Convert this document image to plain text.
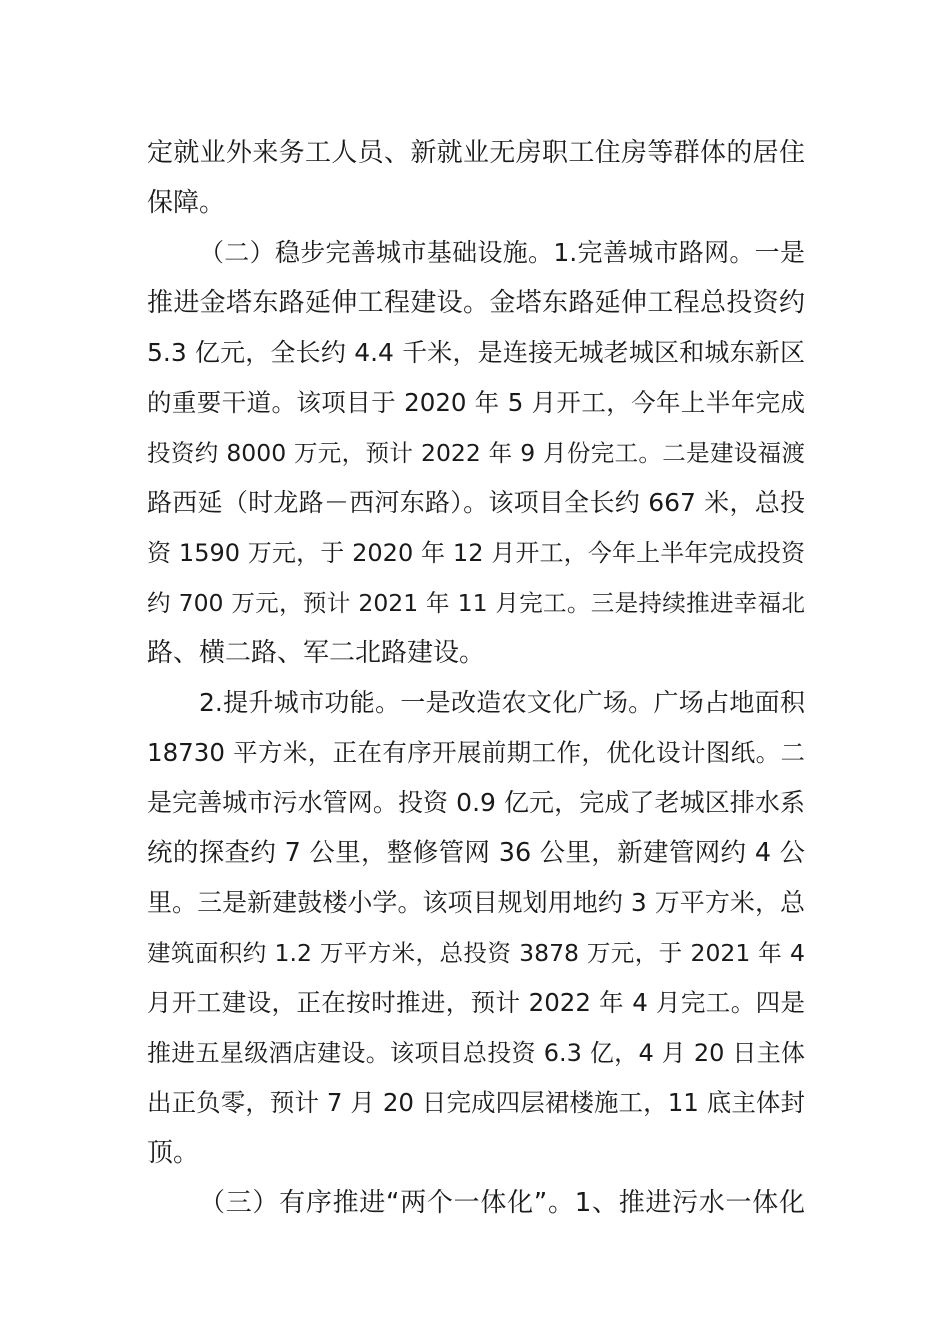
定就业外来务工人员、新就业无房职工住房等群体的居住
保障。
（二）稳步完善城市基础设施。1.完善城市路网。一是
推进金塔东路延伸工程建设。金塔东路延伸工程总投资约
5.3 亿元，全长约 4.4 千米，是连接无城老城区和城东新区
的重要干道。该项目于 2020 年 5 月开工，今年上半年完成
投资约 8000 万元，预计 2022 年 9 月份完工。二是建设福渡
路西延（时龙路－西河东路）。该项目全长约 667 米，总投
资 1590 万元，于 2020 年 12 月开工，今年上半年完成投资
约 700 万元，预计 2021 年 11 月完工。三是持续推进幸福北
路、横二路、军二北路建设。
2.提升城市功能。一是改造农文化广场。广场占地面积
18730 平方米，正在有序开展前期工作，优化设计图纸。二
是完善城市污水管网。投资 0.9 亿元，完成了老城区排水系
统的探查约 7 公里，整修管网 36 公里，新建管网约 4 公
里。三是新建鼓楼小学。该项目规划用地约 3 万平方米，总
建筑面积约 1.2 万平方米，总投资 3878 万元，于 2021 年 4
月开工建设，正在按时推进，预计 2022 年 4 月完工。四是
推进五星级酒店建设。该项目总投资 6.3 亿，4 月 20 日主体
出正负零，预计 7 月 20 日完成四层裙楼施工，11 底主体封
顶。
（三）有序推进“两个一体化”。1、推进污水一体化
